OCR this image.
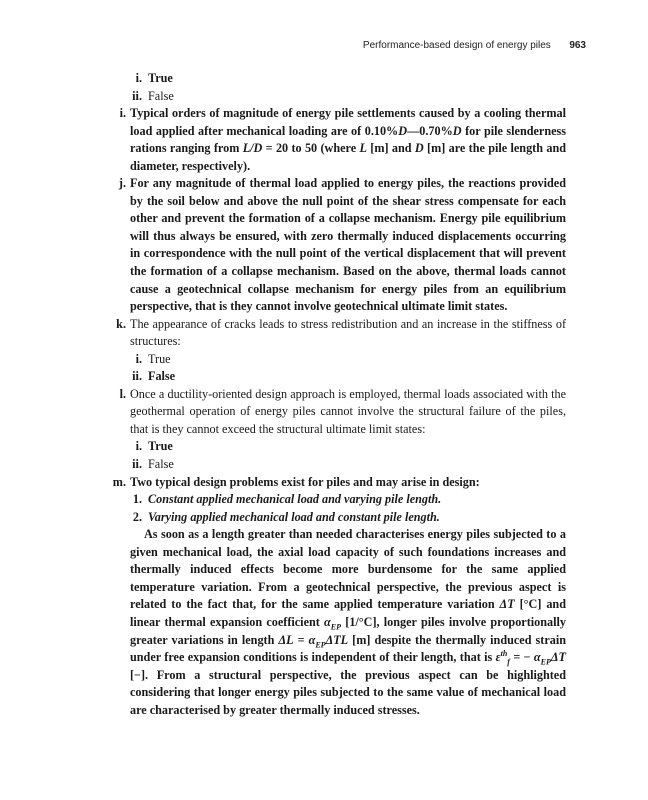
Performance-based design of energy piles 963
i. True
ii. False
i. Typical orders of magnitude of energy pile settlements caused by a cooling thermal load applied after mechanical loading are of 0.10%D—0.70%D for pile slenderness rations ranging from L/D = 20 to 50 (where L [m] and D [m] are the pile length and diameter, respectively).
j. For any magnitude of thermal load applied to energy piles, the reactions provided by the soil below and above the null point of the shear stress compensate for each other and prevent the formation of a collapse mechanism. Energy pile equilibrium will thus always be ensured, with zero thermally induced displacements occurring in correspondence with the null point of the vertical displacement that will prevent the formation of a collapse mechanism. Based on the above, thermal loads cannot cause a geotechnical collapse mechanism for energy piles from an equilibrium perspective, that is they cannot involve geotechnical ultimate limit states.
k. The appearance of cracks leads to stress redistribution and an increase in the stiffness of structures:
i. True
ii. False
l. Once a ductility-oriented design approach is employed, thermal loads associated with the geothermal operation of energy piles cannot involve the structural failure of the piles, that is they cannot exceed the structural ultimate limit states:
i. True
ii. False
m. Two typical design problems exist for piles and may arise in design:
1. Constant applied mechanical load and varying pile length.
2. Varying applied mechanical load and constant pile length.
As soon as a length greater than needed characterises energy piles subjected to a given mechanical load, the axial load capacity of such foundations increases and thermally induced effects become more burdensome for the same applied temperature variation. From a geotechnical perspective, the previous aspect is related to the fact that, for the same applied temperature variation ΔT [°C] and linear thermal expansion coefficient $\alpha_{EP}$ [1/°C], longer piles involve proportionally greater variations in length $\Delta L = \alpha_{EP}\Delta TL$ [m] despite the thermally induced strain under free expansion conditions is independent of their length, that is $\varepsilon^{th}_f$ = − $\alpha_{EP}\Delta T$ [−]. From a structural perspective, the previous aspect can be highlighted considering that longer energy piles subjected to the same value of mechanical load are characterised by greater thermally induced stresses.
